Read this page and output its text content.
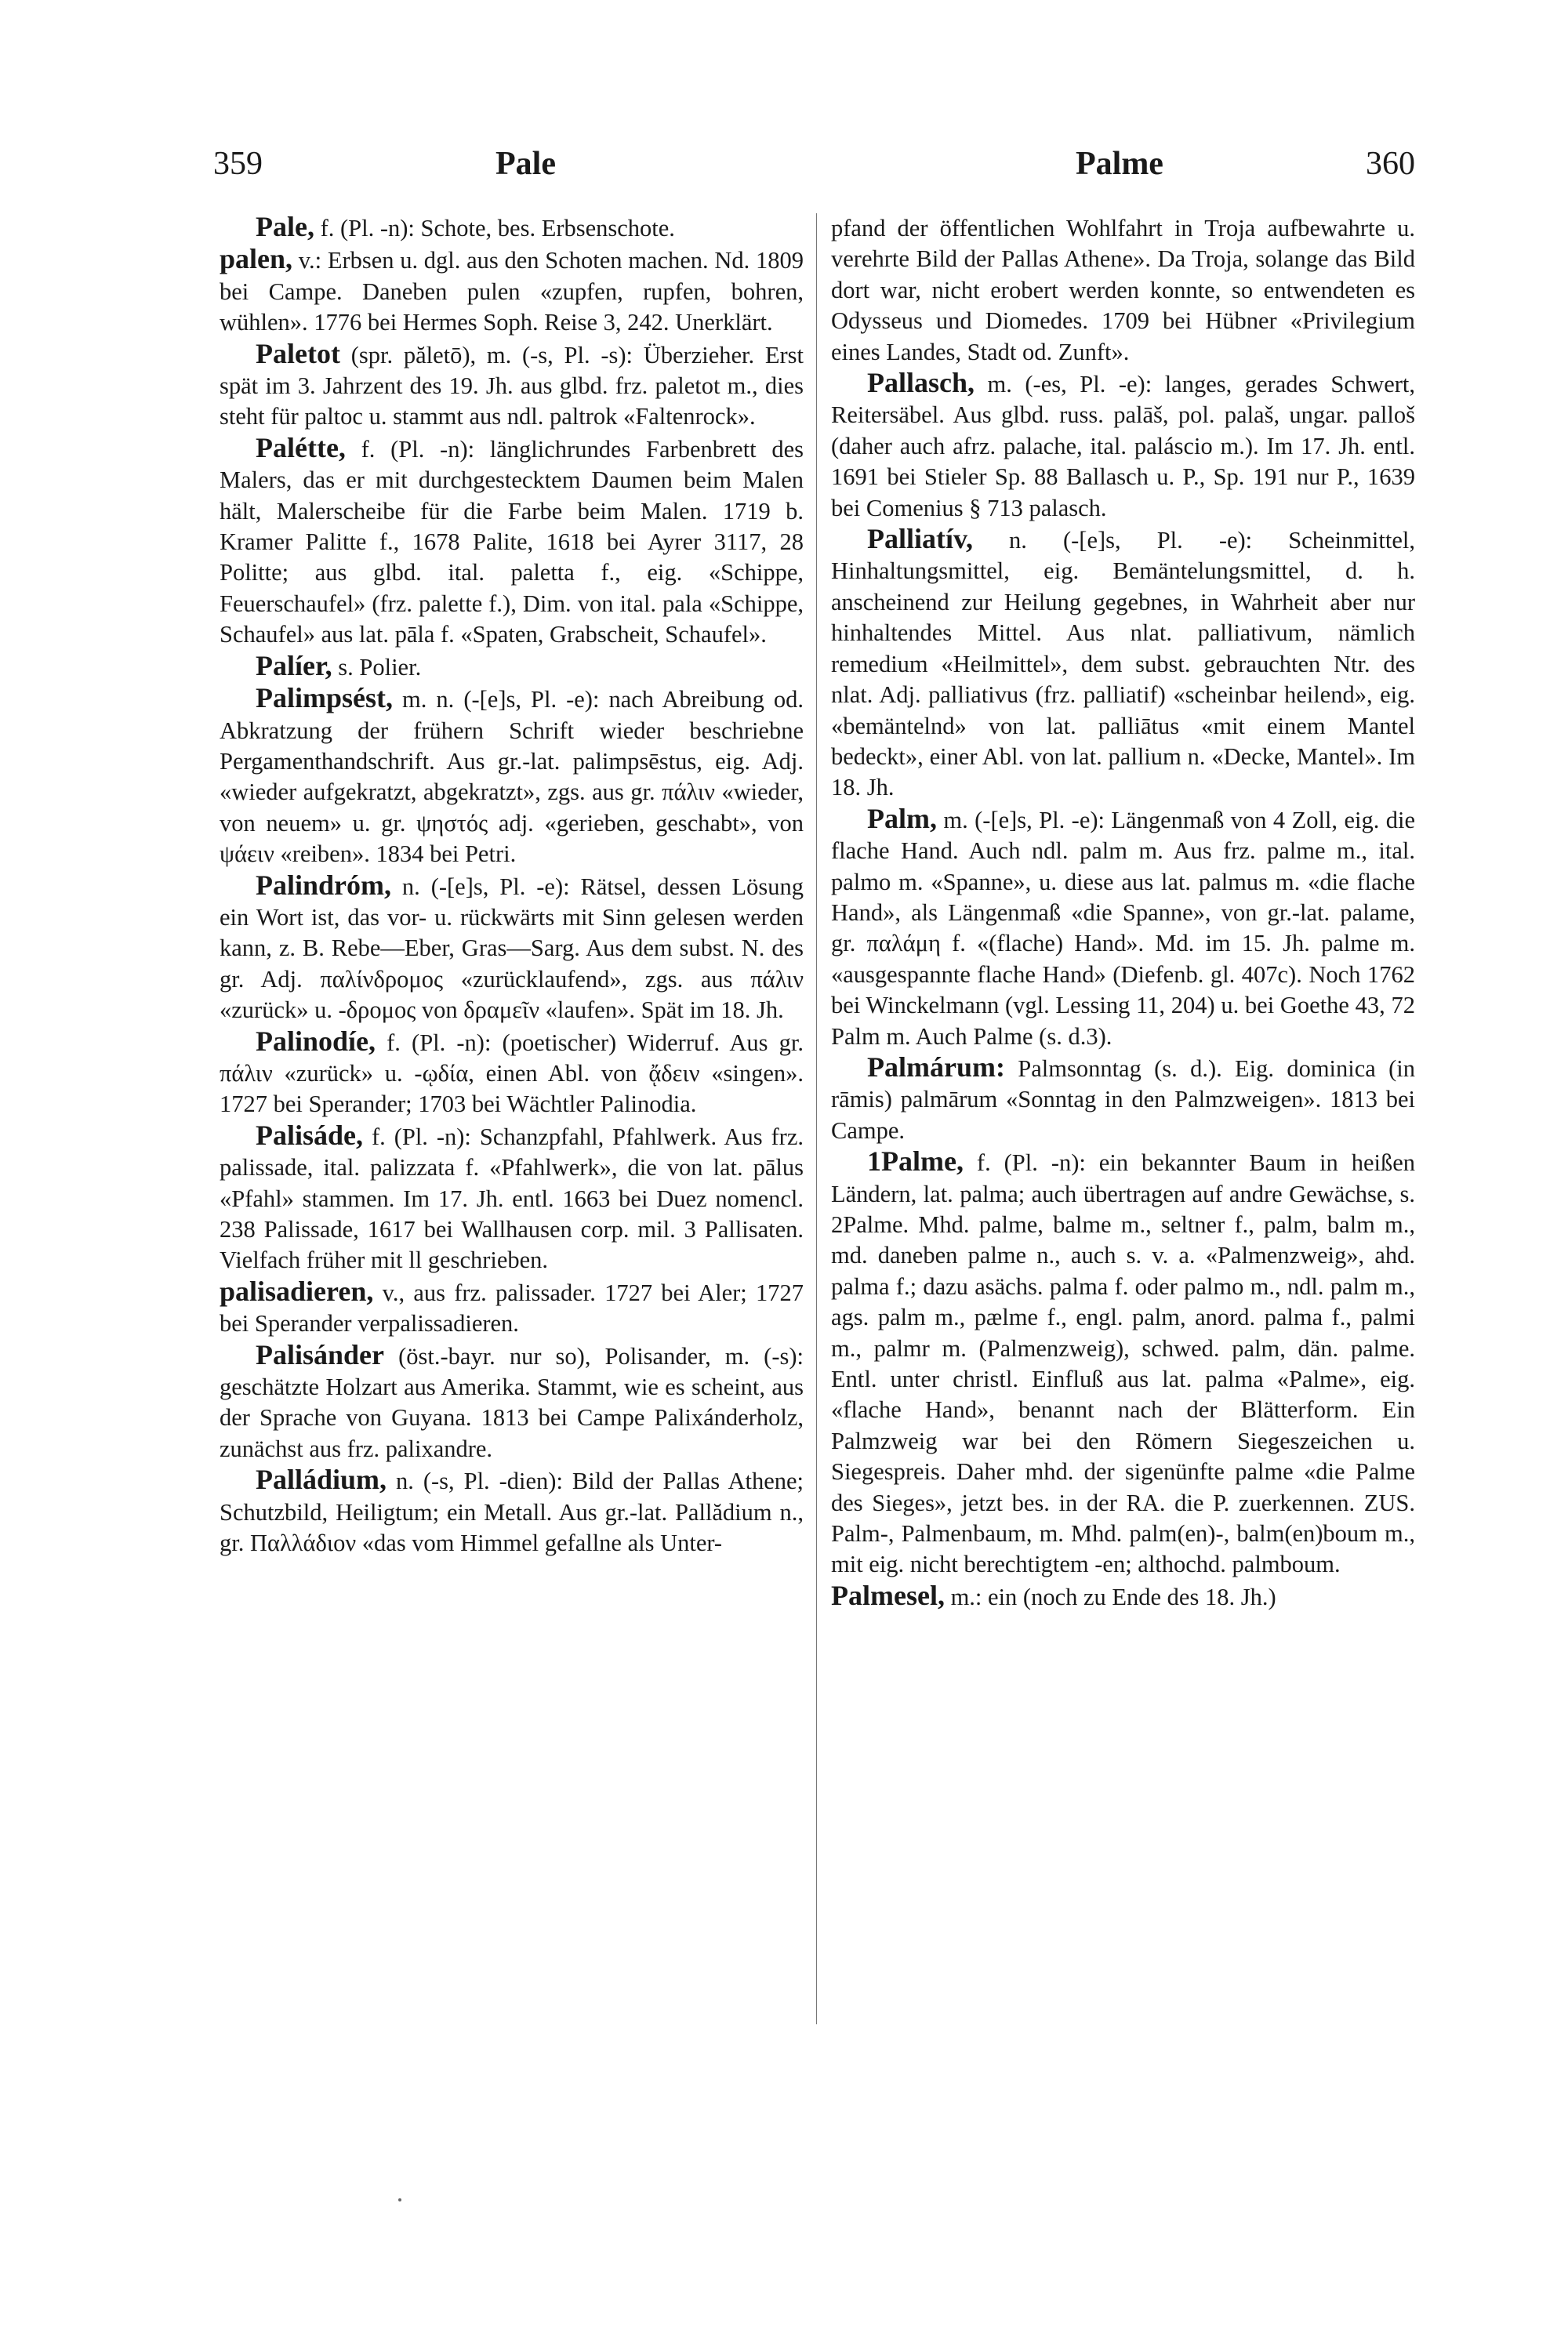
359	Pale	Palme	360

Pale, f. (Pl. -n): Schote, bes. Erbsenschote.

palen, v.: Erbsen u. dgl. aus den Schoten machen. Nd. 1809 bei Campe. Daneben pulen «zupfen, rupfen, bohren, wühlen». 1776 bei Hermes Soph. Reise 3, 242. Unerklärt.

Paletot (spr. păletō), m. (-s, Pl. -s): Überzieher. Erst spät im 3. Jahrzent des 19. Jh. aus glbd. frz. paletot m., dies steht für paltoc u. stammt aus ndl. paltrok «Faltenrock».

Palétte, f. (Pl. -n): länglichrundes Farbenbrett des Malers, das er mit durchgestecktem Daumen beim Malen hält, Malerscheibe für die Farbe beim Malen. 1719 b. Kramer Palitte f., 1678 Palite, 1618 bei Ayrer 3117, 28 Politte; aus glbd. ital. paletta f., eig. «Schippe, Feuerschaufel» (frz. palette f.), Dim. von ital. pala «Schippe, Schaufel» aus lat. pāla f. «Spaten, Grabscheit, Schaufel».

Palíer, s. Polier.

Palimpsést, m. n. (-[e]s, Pl. -e): nach Abreibung od. Abkratzung der frühern Schrift wieder beschriebne Pergamenthandschrift. Aus gr.-lat. palimpsēstus, eig. Adj. «wieder aufgekratzt, abgekratzt», zgs. aus gr. πάλιν «wieder, von neuem» u. gr. ψηστός adj. «gerieben, geschabt», von ψάειν «reiben». 1834 bei Petri.

Palindróm, n. (-[e]s, Pl. -e): Rätsel, dessen Lösung ein Wort ist, das vor- u. rückwärts mit Sinn gelesen werden kann, z. B. Rebe—Eber, Gras—Sarg. Aus dem subst. N. des gr. Adj. παλίνδρομος «zurücklaufend», zgs. aus πάλιν «zurück» u. -δρομος von δραμεῖν «laufen». Spät im 18. Jh.

Palinodíe, f. (Pl. -n): (poetischer) Widerruf. Aus gr. πάλιν «zurück» u. -ῳδία, einen Abl. von ᾄδειν «singen». 1727 bei Sperander; 1703 bei Wächtler Palinodia.

Palisáde, f. (Pl. -n): Schanzpfahl, Pfahlwerk. Aus frz. palissade, ital. palizzata f. «Pfahlwerk», die von lat. pālus «Pfahl» stammen. Im 17. Jh. entl. 1663 bei Duez nomencl. 238 Palissade, 1617 bei Wallhausen corp. mil. 3 Pallisaten. Vielfach früher mit ll geschrieben.

palisadieren, v., aus frz. palissader. 1727 bei Aler; 1727 bei Sperander verpalissadieren.

Palisánder (öst.-bayr. nur so), Polisander, m. (-s): geschätzte Holzart aus Amerika. Stammt, wie es scheint, aus der Sprache von Guyana. 1813 bei Campe Palixánderholz, zunächst aus frz. palixandre.

Palládium, n. (-s, Pl. -dien): Bild der Pallas Athene; Schutzbild, Heiligtum; ein Metall. Aus gr.-lat. Pallădium n., gr. Παλλάδιον «das vom Himmel gefallne als Unter-

pfand der öffentlichen Wohlfahrt in Troja aufbewahrte u. verehrte Bild der Pallas Athene». Da Troja, solange das Bild dort war, nicht erobert werden konnte, so entwendeten es Odysseus und Diomedes. 1709 bei Hübner «Privilegium eines Landes, Stadt od. Zunft».

Pallasch, m. (-es, Pl. -e): langes, gerades Schwert, Reitersäbel. Aus glbd. russ. palāš, pol. palaš, ungar. palloš (daher auch afrz. palache, ital. paláscio m.). Im 17. Jh. entl. 1691 bei Stieler Sp. 88 Ballasch u. P., Sp. 191 nur P., 1639 bei Comenius § 713 palasch.

Palliatív, n. (-[e]s, Pl. -e): Scheinmittel, Hinhaltungsmittel, eig. Bemäntelungsmittel, d. h. anscheinend zur Heilung gegebnes, in Wahrheit aber nur hinhaltendes Mittel. Aus nlat. palliativum, nämlich remedium «Heilmittel», dem subst. gebrauchten Ntr. des nlat. Adj. palliativus (frz. palliatif) «scheinbar heilend», eig. «bemäntelnd» von lat. palliātus «mit einem Mantel bedeckt», einer Abl. von lat. pallium n. «Decke, Mantel». Im 18. Jh.

Palm, m. (-[e]s, Pl. -e): Längenmaß von 4 Zoll, eig. die flache Hand. Auch ndl. palm m. Aus frz. palme m., ital. palmo m. «Spanne», u. diese aus lat. palmus m. «die flache Hand», als Längenmaß «die Spanne», von gr.-lat. palame, gr. παλάμη f. «(flache) Hand». Md. im 15. Jh. palme m. «ausgespannte flache Hand» (Diefenb. gl. 407c). Noch 1762 bei Winckelmann (vgl. Lessing 11, 204) u. bei Goethe 43, 72 Palm m. Auch Palme (s. d.3).

Palmárum: Palmsonntag (s. d.). Eig. dominica (in rāmis) palmārum «Sonntag in den Palmzweigen». 1813 bei Campe.

1Palme, f. (Pl. -n): ein bekannter Baum in heißen Ländern, lat. palma; auch übertragen auf andre Gewächse, s. 2Palme. Mhd. palme, balme m., seltner f., palm, balm m., md. daneben palme n., auch s. v. a. «Palmenzweig», ahd. palma f.; dazu asächs. palma f. oder palmo m., ndl. palm m., ags. palm m., pælme f., engl. palm, anord. palma f., palmi m., palmr m. (Palmenzweig), schwed. palm, dän. palme. Entl. unter christl. Einfluß aus lat. palma «Palme», eig. «flache Hand», benannt nach der Blätterform. Ein Palmzweig war bei den Römern Siegeszeichen u. Siegespreis. Daher mhd. der sigenünfte palme «die Palme des Sieges», jetzt bes. in der RA. die P. zuerkennen. ZUS. Palm-, Palmenbaum, m. Mhd. palm(en)-, balm(en)boum m., mit eig. nicht berechtigtem -en; althochd. palmboum.

Palmesel, m.: ein (noch zu Ende des 18. Jh.)
